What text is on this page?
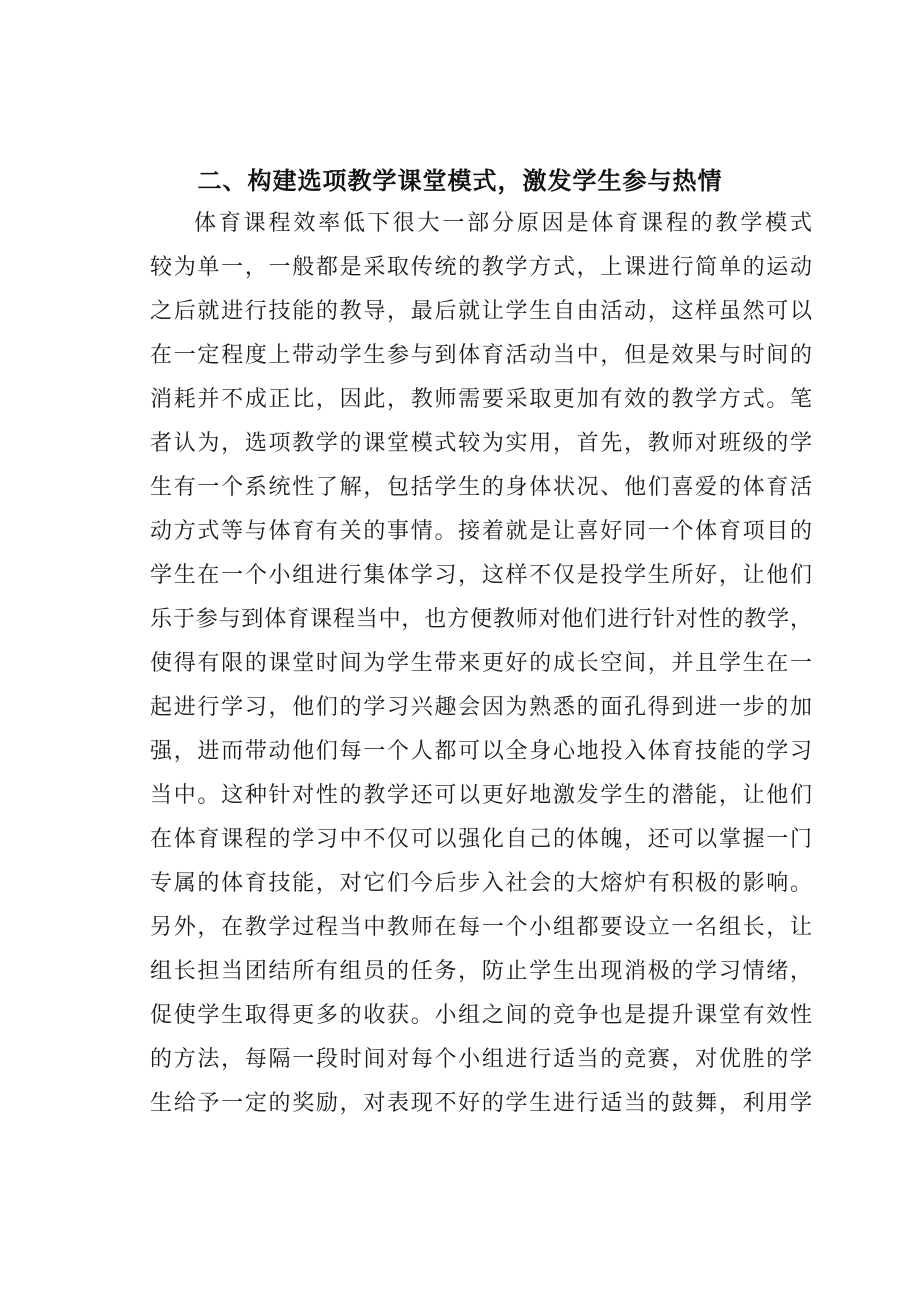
二、构建选项教学课堂模式，激发学生参与热情
体育课程效率低下很大一部分原因是体育课程的教学模式
较为单一，一般都是采取传统的教学方式，上课进行简单的运动
之后就进行技能的教导，最后就让学生自由活动，这样虽然可以
在一定程度上带动学生参与到体育活动当中，但是效果与时间的
消耗并不成正比，因此，教师需要采取更加有效的教学方式。笔
者认为，选项教学的课堂模式较为实用，首先，教师对班级的学
生有一个系统性了解，包括学生的身体状况、他们喜爱的体育活
动方式等与体育有关的事情。接着就是让喜好同一个体育项目的
学生在一个小组进行集体学习，这样不仅是投学生所好，让他们
乐于参与到体育课程当中，也方便教师对他们进行针对性的教学，
使得有限的课堂时间为学生带来更好的成长空间，并且学生在一
起进行学习，他们的学习兴趣会因为熟悉的面孔得到进一步的加
强，进而带动他们每一个人都可以全身心地投入体育技能的学习
当中。这种针对性的教学还可以更好地激发学生的潜能，让他们
在体育课程的学习中不仅可以强化自己的体魄，还可以掌握一门
专属的体育技能，对它们今后步入社会的大熔炉有积极的影响。
另外，在教学过程当中教师在每一个小组都要设立一名组长，让
组长担当团结所有组员的任务，防止学生出现消极的学习情绪，
促使学生取得更多的收获。小组之间的竞争也是提升课堂有效性
的方法，每隔一段时间对每个小组进行适当的竞赛，对优胜的学
生给予一定的奖励，对表现不好的学生进行适当的鼓舞，利用学
